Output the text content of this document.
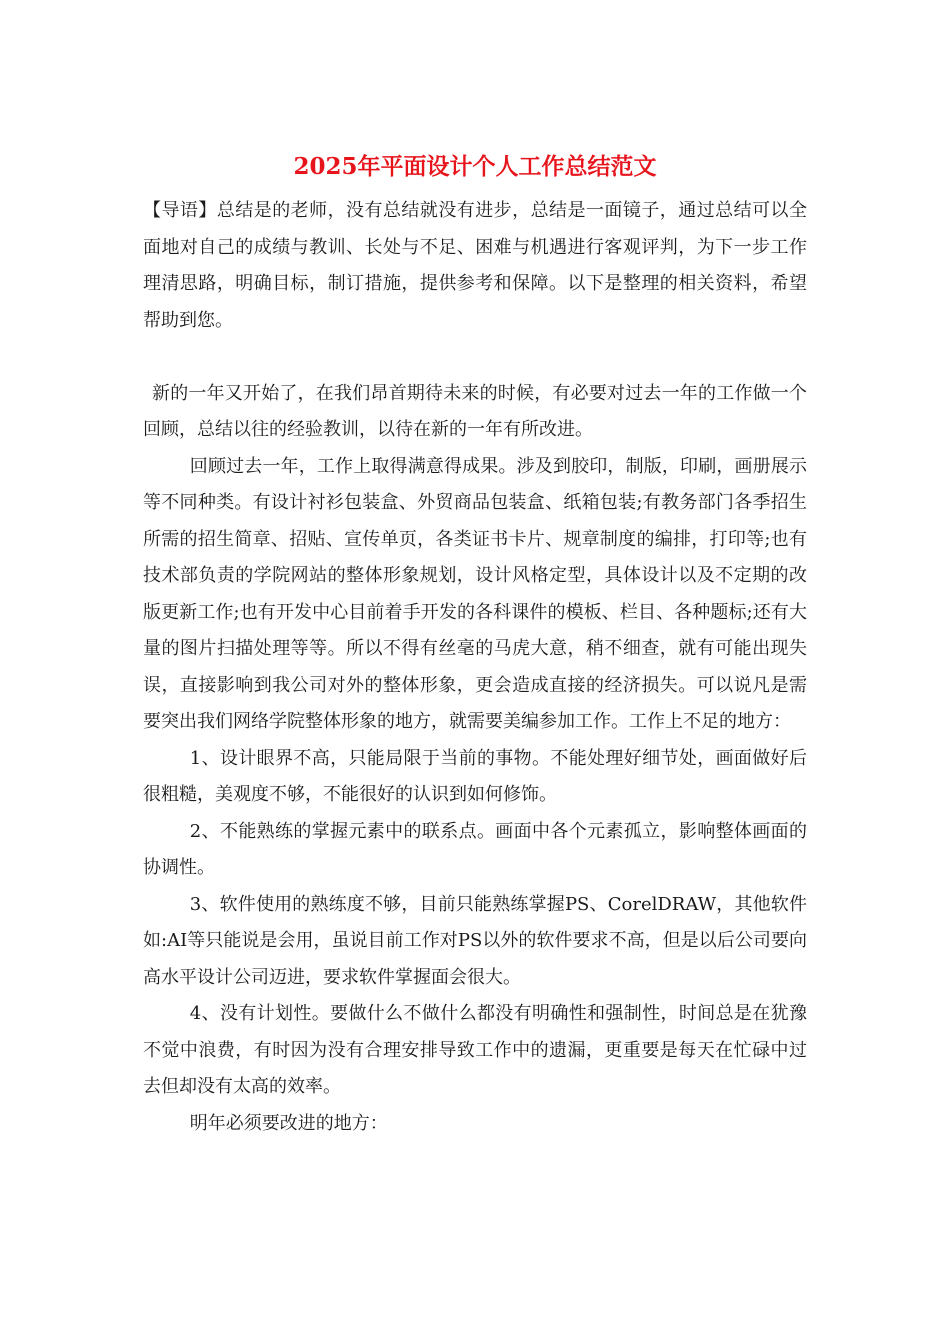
2025年平面设计个人工作总结范文

【导语】总结是的老师，没有总结就没有进步，总结是一面镜子，通过总结可以全面地对自己的成绩与教训、长处与不足、困难与机遇进行客观评判，为下一步工作理清思路，明确目标，制订措施，提供参考和保障。以下是整理的相关资料，希望帮助到您。

新的一年又开始了，在我们昂首期待未来的时候，有必要对过去一年的工作做一个回顾，总结以往的经验教训，以待在新的一年有所改进。

回顾过去一年，工作上取得满意得成果。涉及到胶印，制版，印刷，画册展示等不同种类。有设计衬衫包装盒、外贸商品包装盒、纸箱包装;有教务部门各季招生所需的招生简章、招贴、宣传单页，各类证书卡片、规章制度的编排，打印等;也有技术部负责的学院网站的整体形象规划，设计风格定型，具体设计以及不定期的改版更新工作;也有开发中心目前着手开发的各科课件的模板、栏目、各种题标;还有大量的图片扫描处理等等。所以不得有丝毫的马虎大意，稍不细查，就有可能出现失误，直接影响到我公司对外的整体形象，更会造成直接的经济损失。可以说凡是需要突出我们网络学院整体形象的地方，就需要美编参加工作。工作上不足的地方：

1、设计眼界不高，只能局限于当前的事物。不能处理好细节处，画面做好后很粗糙，美观度不够，不能很好的认识到如何修饰。

2、不能熟练的掌握元素中的联系点。画面中各个元素孤立，影响整体画面的协调性。

3、软件使用的熟练度不够，目前只能熟练掌握PS、CorelDRAW，其他软件如:AI等只能说是会用，虽说目前工作对PS以外的软件要求不高，但是以后公司要向高水平设计公司迈进，要求软件掌握面会很大。

4、没有计划性。要做什么不做什么都没有明确性和强制性，时间总是在犹豫不觉中浪费，有时因为没有合理安排导致工作中的遗漏，更重要是每天在忙碌中过去但却没有太高的效率。

明年必须要改进的地方：
